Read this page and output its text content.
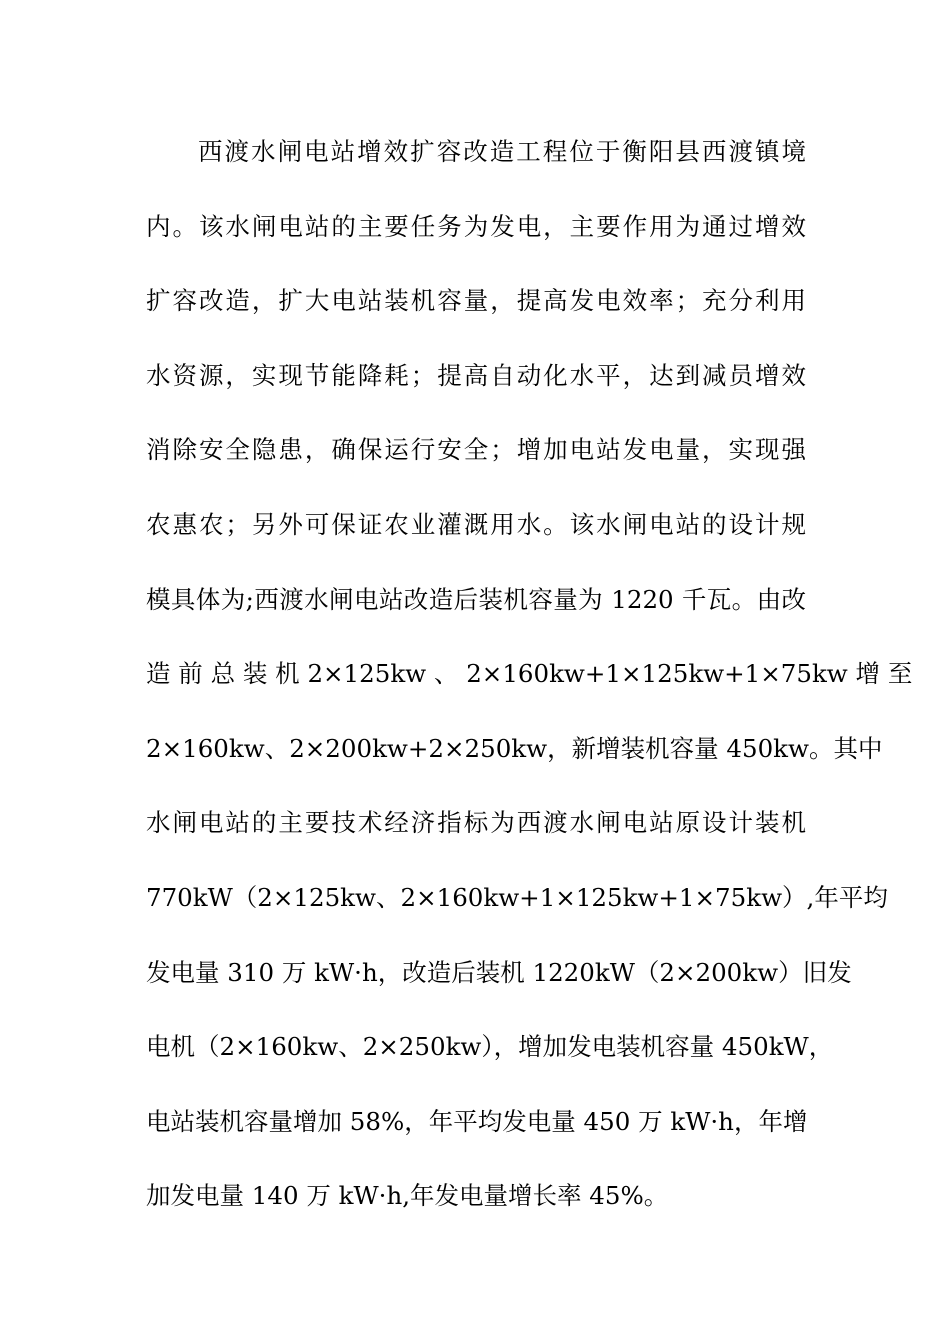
西渡水闸电站增效扩容改造工程位于衡阳县西渡镇境
内。该水闸电站的主要任务为发电，主要作用为通过增效
扩容改造，扩大电站装机容量，提高发电效率；充分利用
水资源，实现节能降耗；提高自动化水平，达到减员增效
消除安全隐患，确保运行安全；增加电站发电量，实现强
农惠农；另外可保证农业灌溉用水。该水闸电站的设计规
模具体为;西渡水闸电站改造后装机容量为 1220 千瓦。由改
造 前 总 装 机 2×125kw 、 2×160kw+1×125kw+1×75kw 增 至
2×160kw、2×200kw+2×250kw，新增装机容量 450kw。其中
水闸电站的主要技术经济指标为西渡水闸电站原设计装机
770kW（2×125kw、2×160kw+1×125kw+1×75kw）,年平均
发电量 310 万 kW·h，改造后装机 1220kW（2×200kw）旧发
电机（2×160kw、2×250kw），增加发电装机容量 450kW，
电站装机容量增加 58%，年平均发电量 450 万 kW·h，年增
加发电量 140 万 kW·h,年发电量增长率 45%。
